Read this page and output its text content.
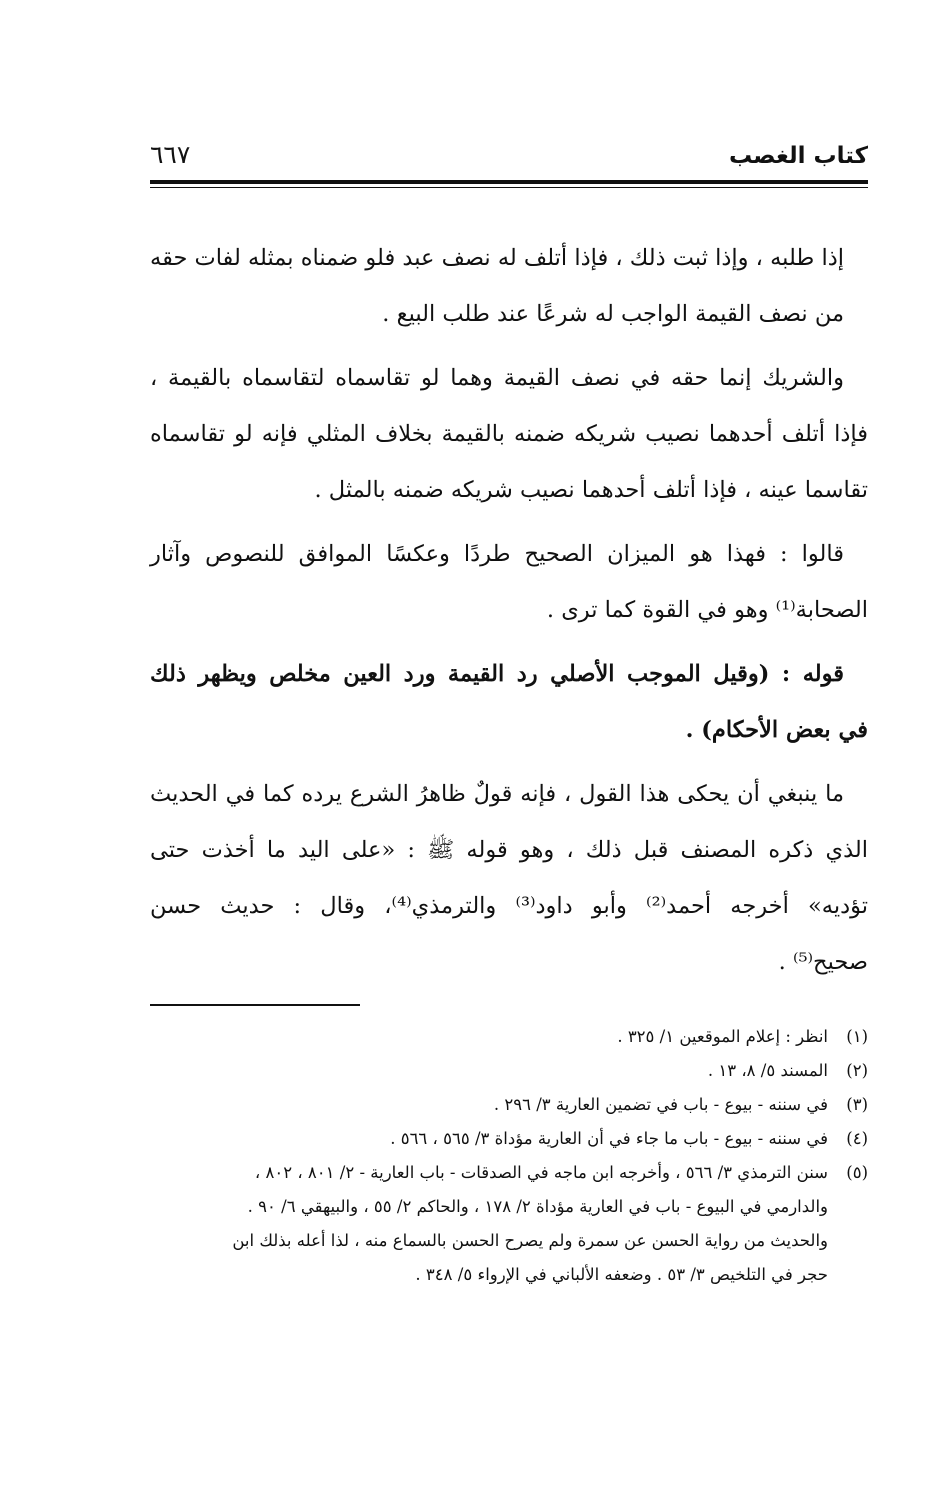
كتاب الغصب
٦٦٧

إذا طلبه ، وإذا ثبت ذلك ، فإذا أتلف له نصف عبد فلو ضمناه بمثله لفات حقه
من نصف القيمة الواجب له شرعًا عند طلب البيع .

والشريك إنما حقه في نصف القيمة وهما لو تقاسماه لتقاسماه بالقيمة ،
فإذا أتلف أحدهما نصيب شريكه ضمنه بالقيمة بخلاف المثلي فإنه لو تقاسماه
تقاسما عينه ، فإذا أتلف أحدهما نصيب شريكه ضمنه بالمثل .

قالوا : فهذا هو الميزان الصحيح طردًا وعكسًا الموافق للنصوص وآثار
الصحابة⁽¹⁾ وهو في القوة كما ترى .

قوله : (وقيل الموجب الأصلي رد القيمة ورد العين مخلص ويظهر ذلك
في بعض الأحكام) .

ما ينبغي أن يحكى هذا القول ، فإنه قولٌ ظاهرُ الشرع يرده كما في الحديث
الذي ذكره المصنف قبل ذلك ، وهو قوله ﷺ : «على اليد ما أخذت حتى
تؤديه» أخرجه أحمد⁽²⁾ وأبو داود⁽³⁾ والترمذي⁽⁴⁾، وقال : حديث حسن
صحيح⁽⁵⁾ .

(١)
انظر : إعلام الموقعين ١/ ٣٢٥ .
(٢)
المسند ٥/ ٨، ١٣ .
(٣)
في سننه - بيوع - باب في تضمين العارية ٣/ ٢٩٦ .
(٤)
في سننه - بيوع - باب ما جاء في أن العارية مؤداة ٣/ ٥٦٥ ، ٥٦٦ .
(٥)
سنن الترمذي ٣/ ٥٦٦ ، وأخرجه ابن ماجه في الصدقات - باب العارية - ٢/ ٨٠١ ، ٨٠٢ ،
والدارمي في البيوع - باب في العارية مؤداة ٢/ ١٧٨ ، والحاكم ٢/ ٥٥ ، والبيهقي ٦/ ٩٠ .
والحديث من رواية الحسن عن سمرة ولم يصرح الحسن بالسماع منه ، لذا أعله بذلك ابن
حجر في التلخيص ٣/ ٥٣ . وضعفه الألباني في الإرواء ٥/ ٣٤٨ .
